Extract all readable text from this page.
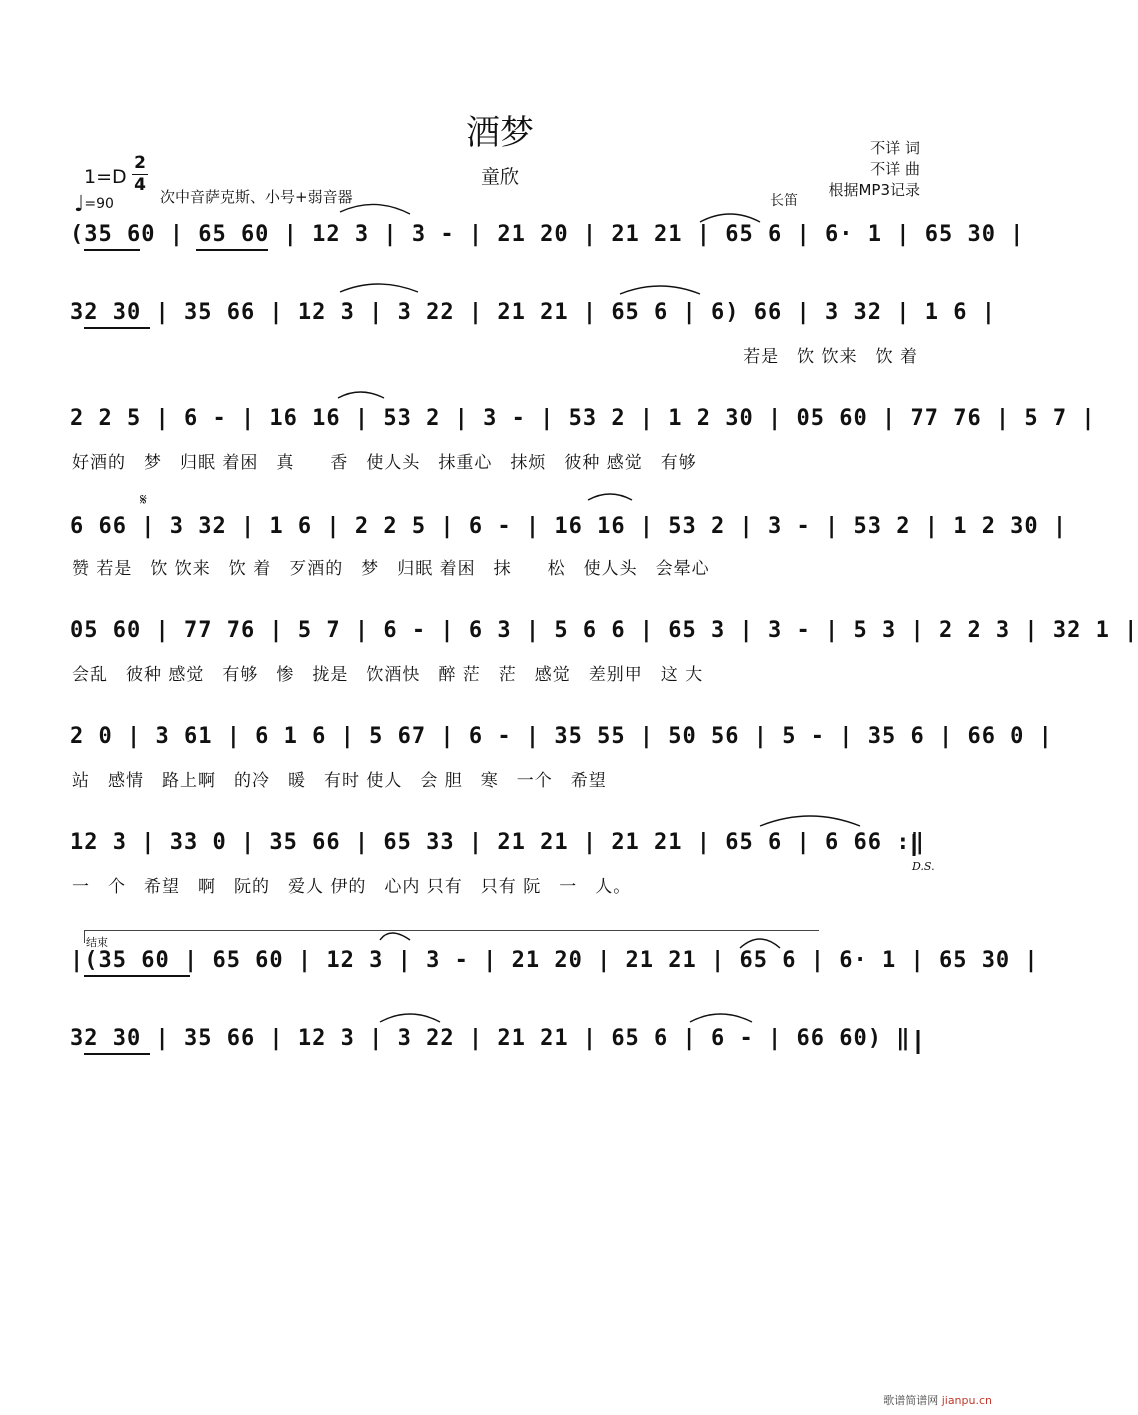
酒梦
童欣
不详 词
不详 曲
根据MP3记录
1=D
2
4
次中音萨克斯、小号+弱音器
♩=90	长笛
𝄋
D.S.
结束
(35 60 | 65 60 | 12 3 | 3 - | 21 20 | 21 21 | 65 6 | 6· 1 | 65 30 |
32 30 | 35 66 | 12 3 | 3 22 | 21 21 | 65 6 | 6) 66 | 3 32 | 1 6 |
若是　饮 饮来　饮 着
2 2 5 | 6 - | 16 16 | 53 2 | 3 - | 53 2 | 1 2 30 | 05 60 | 77 76 | 5 7 |
好酒的　梦　归眠 着困　真　　香　使人头　抹重心　抹烦　彼种 感觉　有够
6 66 | 3 32 | 1 6 | 2 2 5 | 6 - | 16 16 | 53 2 | 3 - | 53 2 | 1 2 30 |
赞 若是　饮 饮来　饮 着　歹酒的　梦　归眠 着困　抹　　松　使人头　会晕心
05 60 | 77 76 | 5 7 | 6 - | 6 3 | 5 6 6 | 65 3 | 3 - | 5 3 | 2 2 3 | 32 1 |
会乱　彼种 感觉　有够　惨　拢是　饮酒快　醉 茫　茫　感觉　差别甲　这 大
2 0 | 3 61 | 6 1 6 | 5 67 | 6 - | 35 55 | 50 56 | 5 - | 35 6 | 66 0 |
站　感情　路上啊　的冷　暖　有时 使人　会 胆　寒　一个　希望
12 3 | 33 0 | 35 66 | 65 33 | 21 21 | 21 21 | 65 6 | 6 66 :‖
一　个　希望　啊　阮的　爱人 伊的　心内 只有　只有 阮　一　人。
|(35 60 | 65 60 | 12 3 | 3 - | 21 20 | 21 21 | 65 6 | 6· 1 | 65 30 |
32 30 | 35 66 | 12 3 | 3 22 | 21 21 | 65 6 | 6 - | 66 60) ‖
歌谱简谱网 jianpu.cn
